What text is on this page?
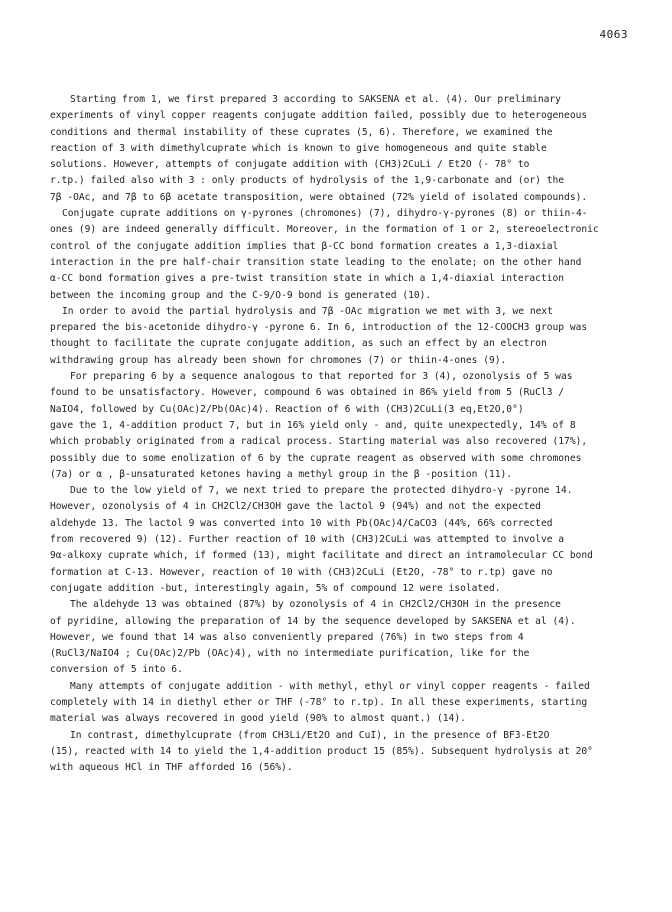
4063
Starting from 1, we first prepared 3 according to SAKSENA et al. (4). Our preliminary
experiments of vinyl copper reagents conjugate addition failed, possibly due to heterogeneous
conditions and thermal instability of these cuprates (5, 6). Therefore, we examined the
reaction of 3 with dimethylcuprate which is known to give homogeneous and quite stable
solutions. However, attempts of conjugate addition with (CH3)2CuLi / Et2O (- 78° to
r.tp.) failed also with 3 : only products of hydrolysis of the 1,9-carbonate and (or) the
7β -OAc, and 7β to 6β acetate transposition, were obtained (72% yield of isolated compounds).
Conjugate cuprate additions on γ-pyrones (chromones) (7), dihydro-γ-pyrones (8) or thiin-4-
ones (9) are indeed generally difficult. Moreover, in the formation of 1 or 2, stereoelectronic
control of the conjugate addition implies that β-CC bond formation creates a 1,3-diaxial
interaction in the pre half-chair transition state leading to the enolate; on the other hand
α-CC bond formation gives a pre-twist transition state in which a 1,4-diaxial interaction
between the incoming group and the C-9/O-9 bond is generated (10).
In order to avoid the partial hydrolysis and 7β -OAc migration we met with 3, we next
prepared the bis-acetonide dihydro-γ -pyrone 6. In 6, introduction of the 12-COOCH3 group was
thought to facilitate the cuprate conjugate addition, as such an effect by an electron
withdrawing group has already been shown for chromones (7) or thiin-4-ones (9).
For preparing 6 by a sequence analogous to that reported for 3 (4), ozonolysis of 5 was
found to be unsatisfactory. However, compound 6 was obtained in 86% yield from 5 (RuCl3 /
NaIO4, followed by Cu(OAc)2/Pb(OAc)4). Reaction of 6 with (CH3)2CuLi(3 eq,Et2O,0°)
gave the 1, 4-addition product 7, but in 16% yield only - and, quite unexpectedly, 14% of 8
which probably originated from a radical process. Starting material was also recovered (17%),
possibly due to some enolization of 6 by the cuprate reagent as observed with some chromones
(7a) or α , β-unsaturated ketones having a methyl group in the β -position (11).
Due to the low yield of 7, we next tried to prepare the protected dihydro-γ -pyrone 14.
However, ozonolysis of 4 in CH2Cl2/CH3OH gave the lactol 9 (94%) and not the expected
aldehyde 13. The lactol 9 was converted into 10 with Pb(OAc)4/CaCO3 (44%, 66% corrected
from recovered 9) (12). Further reaction of 10 with (CH3)2CuLi was attempted to involve a
9α-alkoxy cuprate which, if formed (13), might facilitate and direct an intramolecular CC bond
formation at C-13. However, reaction of 10 with (CH3)2CuLi (Et2O, -78° to r.tp) gave no
conjugate addition -but, interestingly again, 5% of compound 12 were isolated.
The aldehyde 13 was obtained (87%) by ozonolysis of 4 in CH2Cl2/CH3OH in the presence
of pyridine, allowing the preparation of 14 by the sequence developed by SAKSENA et al (4).
However, we found that 14 was also conveniently prepared (76%) in two steps from 4
(RuCl3/NaIO4 ; Cu(OAc)2/Pb (OAc)4), with no intermediate purification, like for the
conversion of 5 into 6.
Many attempts of conjugate addition - with methyl, ethyl or vinyl copper reagents - failed
completely with 14 in diethyl ether or THF (-78° to r.tp). In all these experiments, starting
material was always recovered in good yield (90% to almost quant.) (14).
In contrast, dimethylcuprate (from CH3Li/Et2O and CuI), in the presence of BF3-Et2O
(15), reacted with 14 to yield the 1,4-addition product 15 (85%). Subsequent hydrolysis at 20°
with aqueous HCl in THF afforded 16 (56%).
